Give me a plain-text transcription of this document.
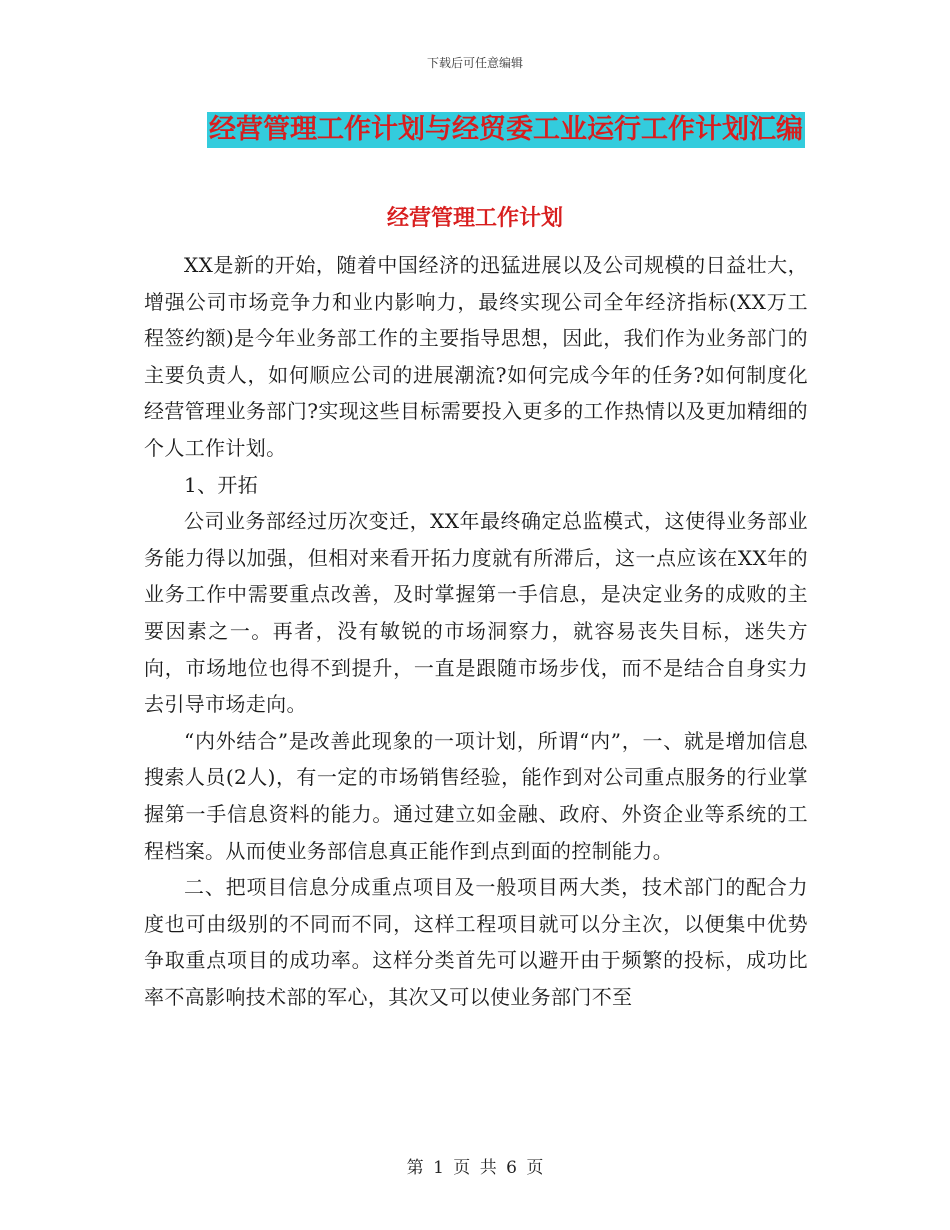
下载后可任意编辑
经营管理工作计划与经贸委工业运行工作计划汇编
经营管理工作计划

XX是新的开始，随着中国经济的迅猛进展以及公司规模的日益壮大，增强公司市场竞争力和业内影响力，最终实现公司全年经济指标(XX万工程签约额)是今年业务部工作的主要指导思想，因此，我们作为业务部门的主要负责人，如何顺应公司的进展潮流?如何完成今年的任务?如何制度化经营管理业务部门?实现这些目标需要投入更多的工作热情以及更加精细的个人工作计划。

1、开拓

公司业务部经过历次变迁，XX年最终确定总监模式，这使得业务部业务能力得以加强，但相对来看开拓力度就有所滞后，这一点应该在XX年的业务工作中需要重点改善，及时掌握第一手信息，是决定业务的成败的主要因素之一。再者，没有敏锐的市场洞察力，就容易丧失目标，迷失方向，市场地位也得不到提升，一直是跟随市场步伐，而不是结合自身实力去引导市场走向。

“内外结合”是改善此现象的一项计划，所谓“内”，一、就是增加信息搜索人员(2人)，有一定的市场销售经验，能作到对公司重点服务的行业掌握第一手信息资料的能力。通过建立如金融、政府、外资企业等系统的工程档案。从而使业务部信息真正能作到点到面的控制能力。

二、把项目信息分成重点项目及一般项目两大类，技术部门的配合力度也可由级别的不同而不同，这样工程项目就可以分主次，以便集中优势争取重点项目的成功率。这样分类首先可以避开由于频繁的投标，成功比率不高影响技术部的军心，其次又可以使业务部门不至

第 1 页 共 6 页
